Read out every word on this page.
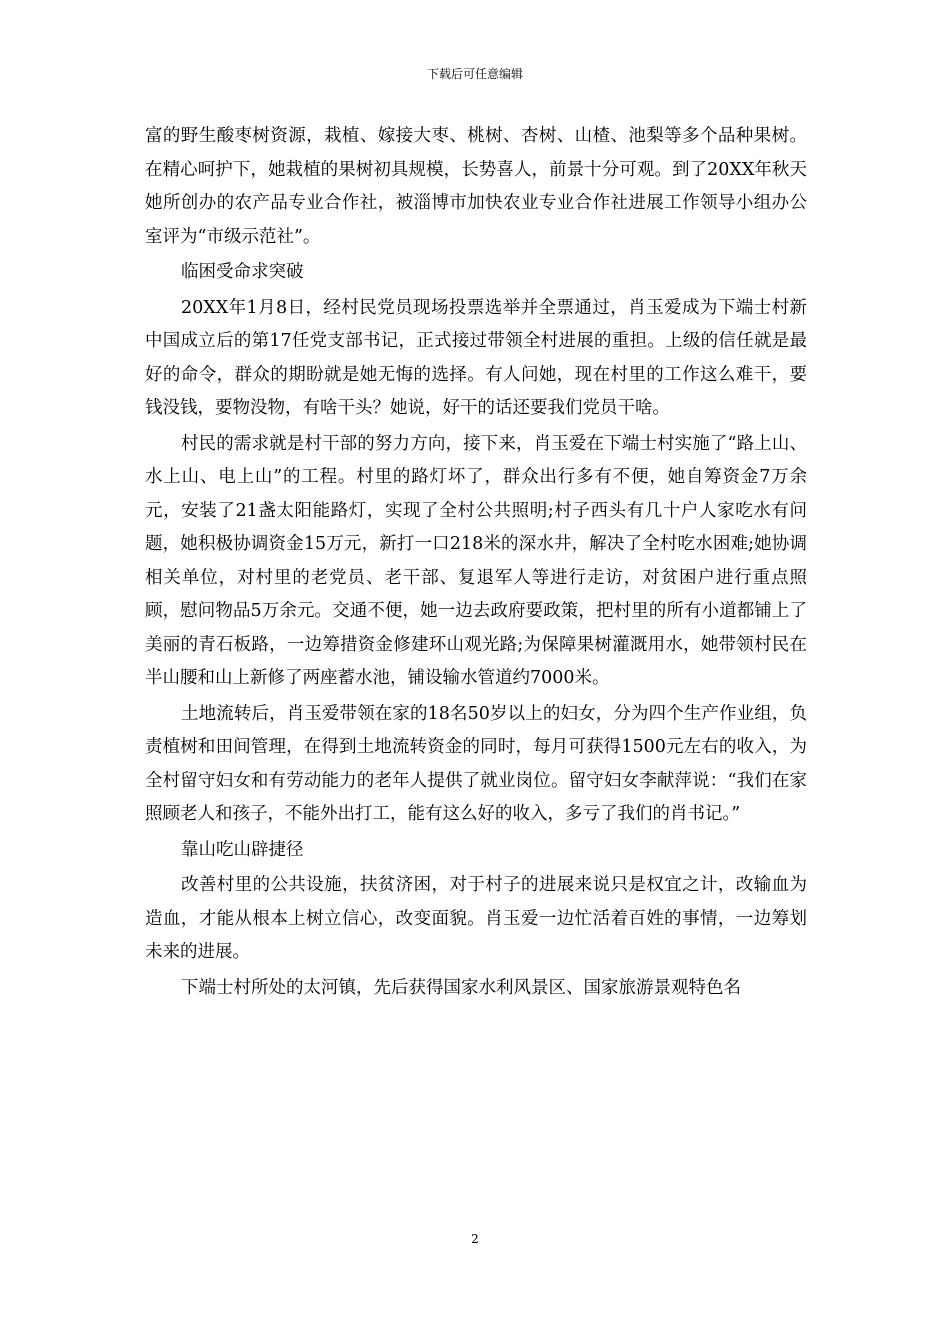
下载后可任意编辑

富的野生酸枣树资源，栽植、嫁接大枣、桃树、杏树、山楂、池梨等多个品种果树。在精心呵护下，她栽植的果树初具规模，长势喜人，前景十分可观。到了20XX年秋天她所创办的农产品专业合作社，被淄博市加快农业专业合作社进展工作领导小组办公室评为“市级示范社”。

临困受命求突破

20XX年1月8日，经村民党员现场投票选举并全票通过，肖玉爱成为下端士村新中国成立后的第17任党支部书记，正式接过带领全村进展的重担。上级的信任就是最好的命令，群众的期盼就是她无悔的选择。有人问她，现在村里的工作这么难干，要钱没钱，要物没物，有啥干头？她说，好干的话还要我们党员干啥。

村民的需求就是村干部的努力方向，接下来，肖玉爱在下端士村实施了“路上山、水上山、电上山”的工程。村里的路灯坏了，群众出行多有不便，她自筹资金7万余元，安装了21盏太阳能路灯，实现了全村公共照明;村子西头有几十户人家吃水有问题，她积极协调资金15万元，新打一口218米的深水井，解决了全村吃水困难;她协调相关单位，对村里的老党员、老干部、复退军人等进行走访，对贫困户进行重点照顾，慰问物品5万余元。交通不便，她一边去政府要政策，把村里的所有小道都铺上了美丽的青石板路，一边筹措资金修建环山观光路;为保障果树灌溉用水，她带领村民在半山腰和山上新修了两座蓄水池，铺设输水管道约7000米。

土地流转后，肖玉爱带领在家的18名50岁以上的妇女，分为四个生产作业组，负责植树和田间管理，在得到土地流转资金的同时，每月可获得1500元左右的收入，为全村留守妇女和有劳动能力的老年人提供了就业岗位。留守妇女李献萍说：“我们在家照顾老人和孩子，不能外出打工，能有这么好的收入，多亏了我们的肖书记。”

靠山吃山辟捷径

改善村里的公共设施，扶贫济困，对于村子的进展来说只是权宜之计，改输血为造血，才能从根本上树立信心，改变面貌。肖玉爱一边忙活着百姓的事情，一边筹划未来的进展。

下端士村所处的太河镇，先后获得国家水利风景区、国家旅游景观特色名

2
